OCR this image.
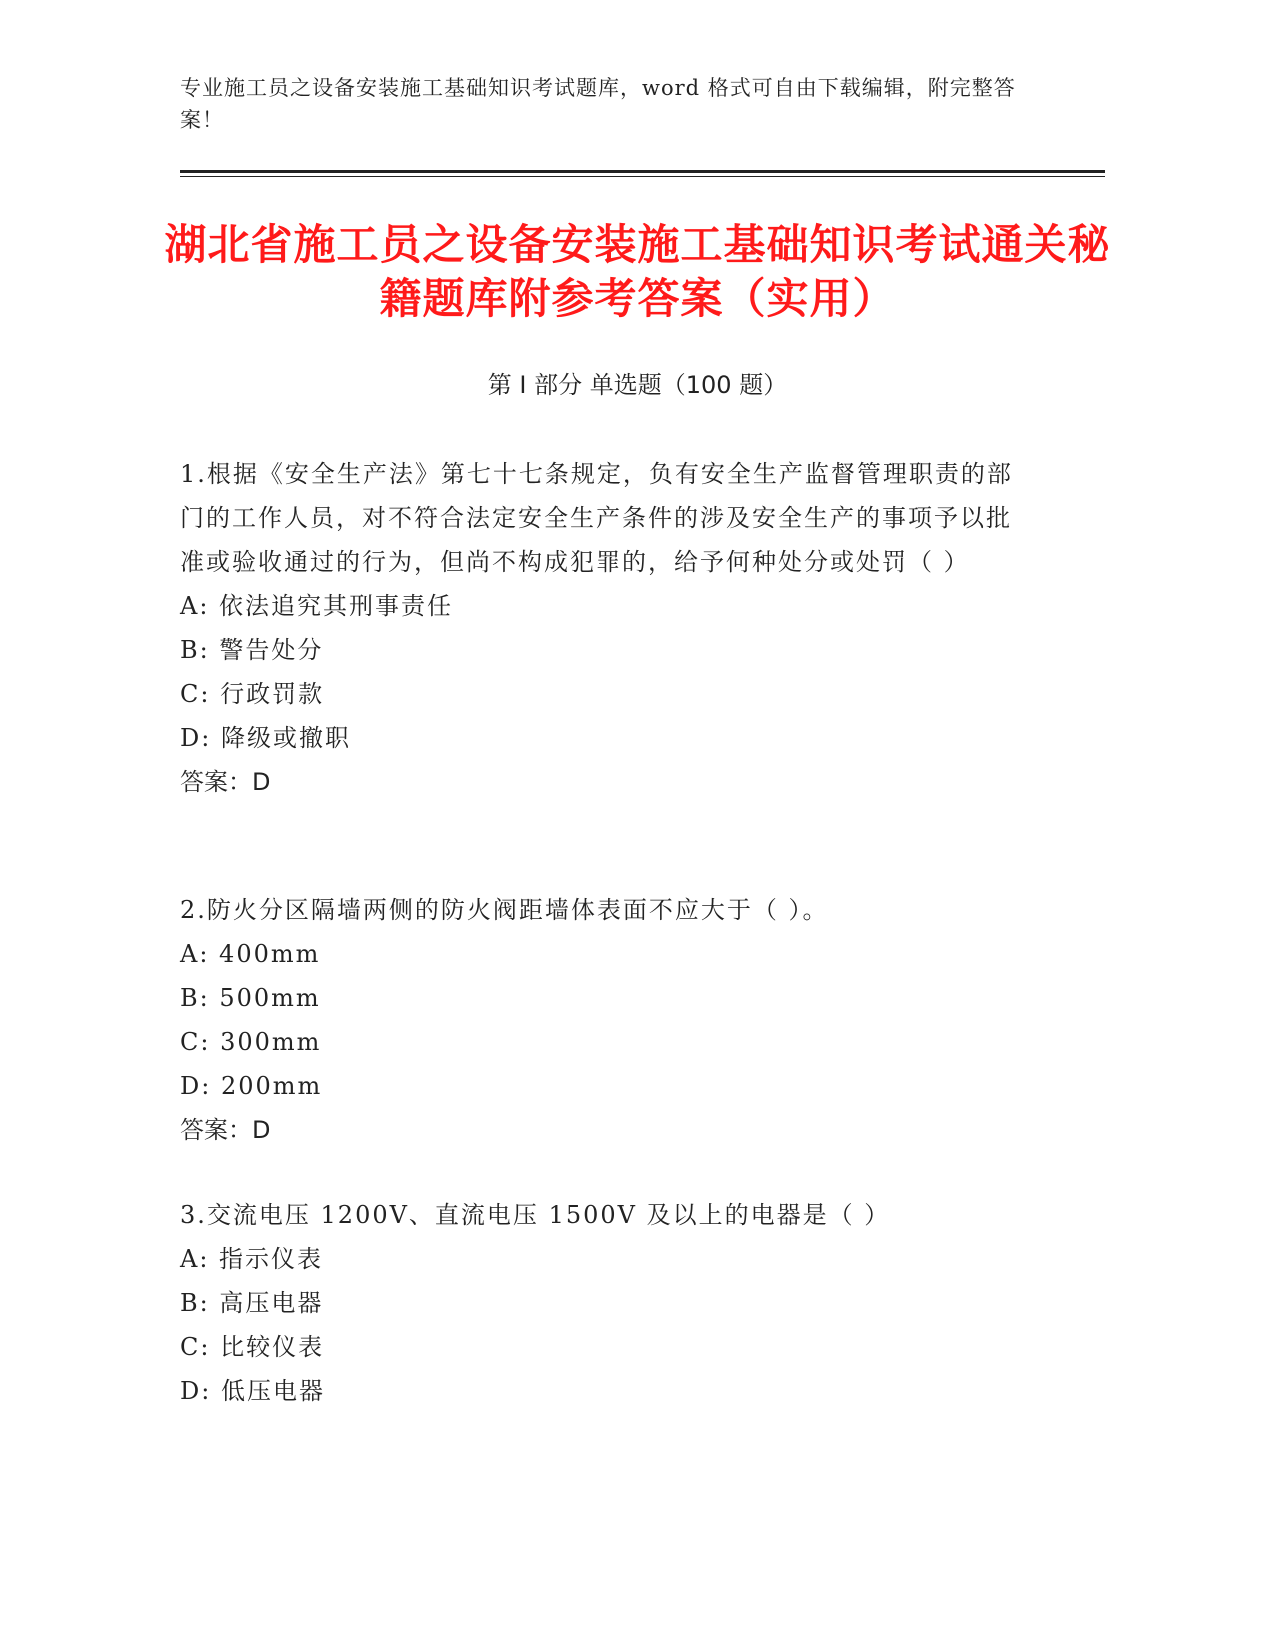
专业施工员之设备安装施工基础知识考试题库，word 格式可自由下载编辑，附完整答案！
湖北省施工员之设备安装施工基础知识考试通关秘籍题库附参考答案（实用）
第 I 部分 单选题（100 题）
1.根据《安全生产法》第七十七条规定，负有安全生产监督管理职责的部门的工作人员，对不符合法定安全生产条件的涉及安全生产的事项予以批准或验收通过的行为，但尚不构成犯罪的，给予何种处分或处罚（ ）
A: 依法追究其刑事责任
B: 警告处分
C: 行政罚款
D: 降级或撤职
答案：D
2.防火分区隔墙两侧的防火阀距墙体表面不应大于（ ）。
A: 400mm
B: 500mm
C: 300mm
D: 200mm
答案：D
3.交流电压 1200V、直流电压 1500V 及以上的电器是（ ）
A: 指示仪表
B: 高压电器
C: 比较仪表
D: 低压电器
